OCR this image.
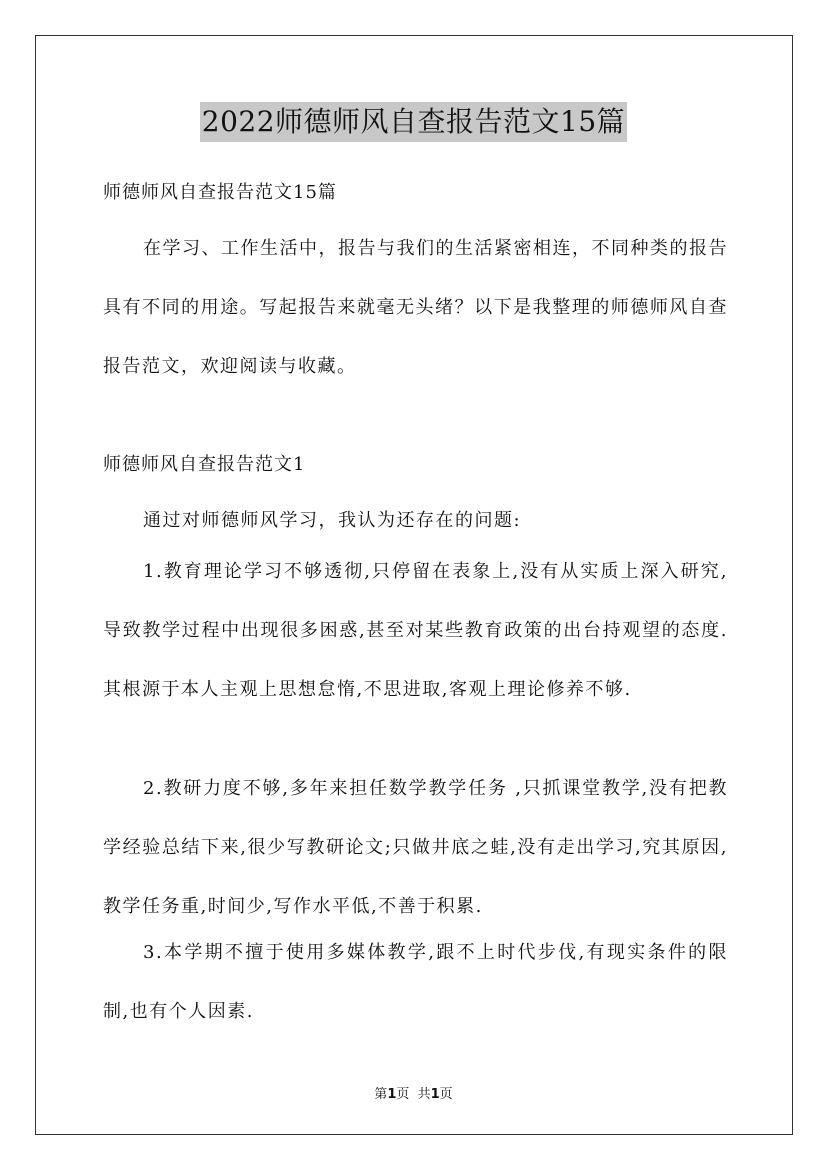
2022师德师风自查报告范文15篇

师德师风自查报告范文15篇

在学习、工作生活中，报告与我们的生活紧密相连，不同种类的报告具有不同的用途。写起报告来就毫无头绪？以下是我整理的师德师风自查报告范文，欢迎阅读与收藏。

师德师风自查报告范文1

通过对师德师风学习，我认为还存在的问题:

1.教育理论学习不够透彻,只停留在表象上,没有从实质上深入研究,导致教学过程中出现很多困惑,甚至对某些教育政策的出台持观望的态度.其根源于本人主观上思想怠惰,不思进取,客观上理论修养不够.

2.教研力度不够,多年来担任数学教学任务 ,只抓课堂教学,没有把教学经验总结下来,很少写教研论文;只做井底之蛙,没有走出学习,究其原因,教学任务重,时间少,写作水平低,不善于积累.

3.本学期不擅于使用多媒体教学,跟不上时代步伐,有现实条件的限制,也有个人因素.

第1页  共1页
